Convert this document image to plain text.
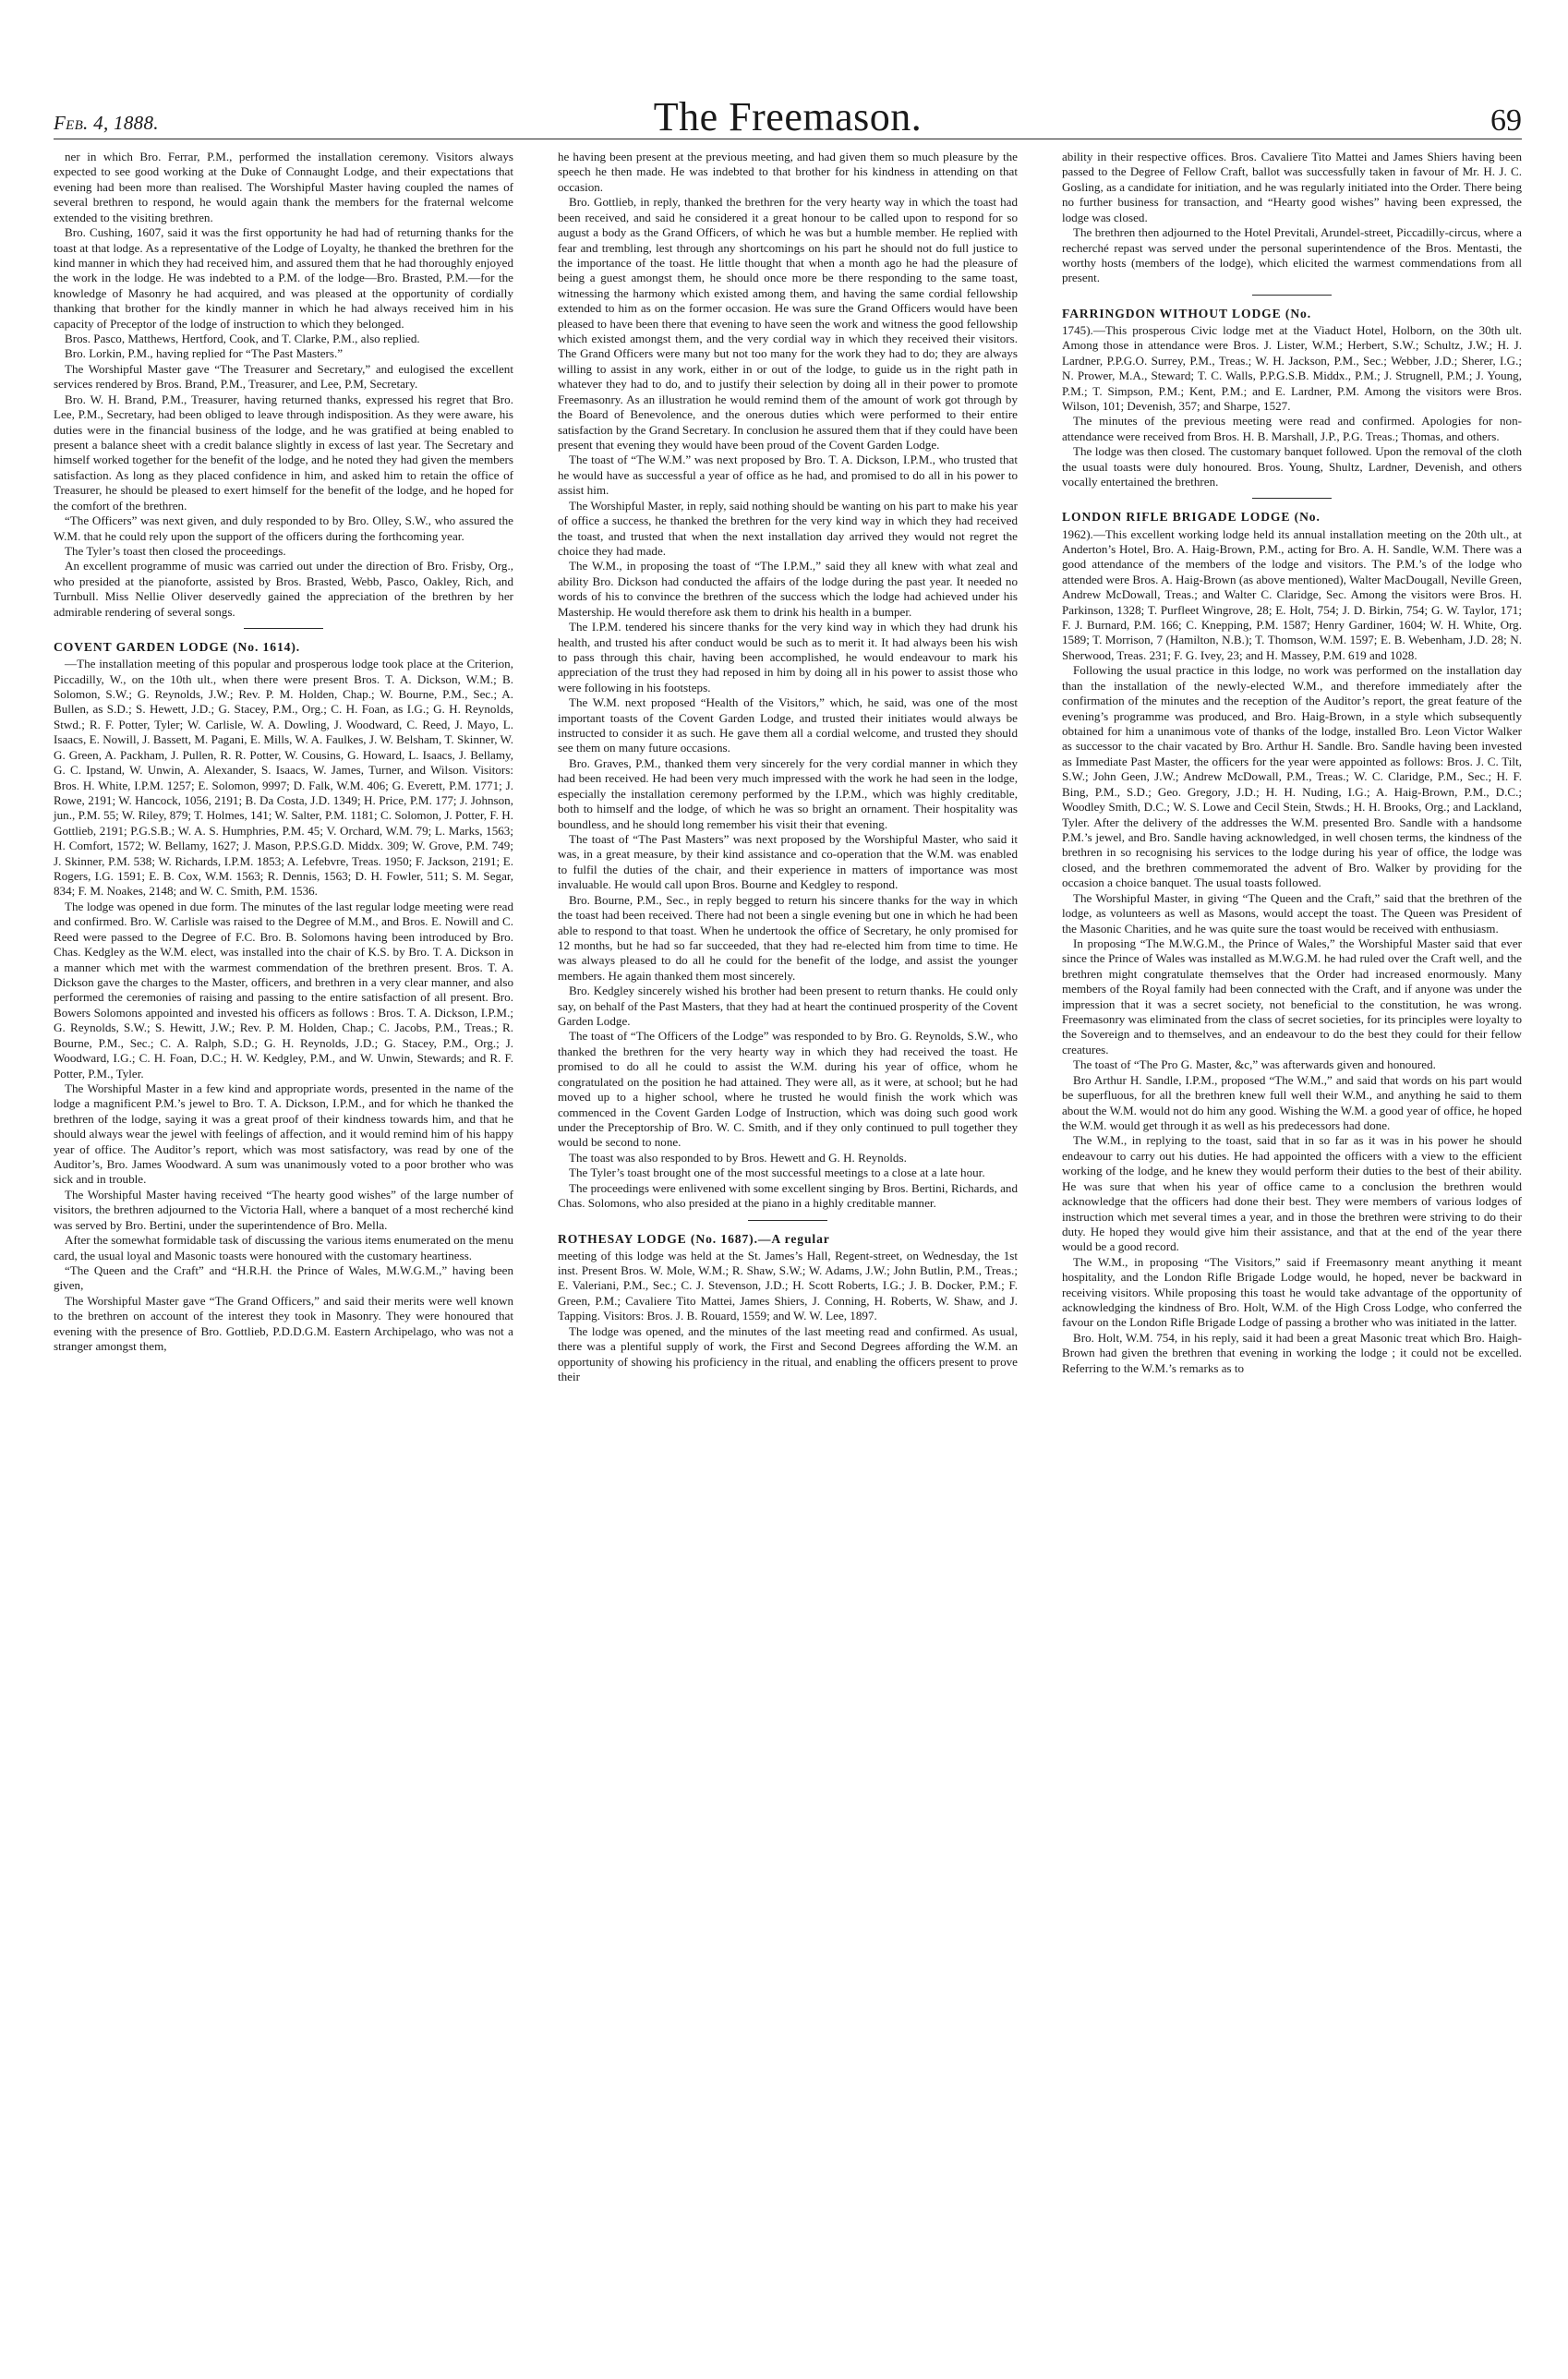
Feb. 4, 1888.	The Freemason.	69

ner in which Bro. Ferrar, P.M., performed the installation ceremony. Visitors always expected to see good working at the Duke of Connaught Lodge, and their expectations that evening had been more than realised. The Worshipful Master having coupled the names of several brethren to respond, he would again thank the members for the fraternal welcome extended to the visiting brethren.

Bro. Cushing, 1607, said it was the first opportunity he had had of returning thanks for the toast at that lodge. As a representative of the Lodge of Loyalty, he thanked the brethren for the kind manner in which they had received him, and assured them that he had thoroughly enjoyed the work in the lodge. He was indebted to a P.M. of the lodge—Bro. Brasted, P.M.—for the knowledge of Masonry he had acquired, and was pleased at the opportunity of cordially thanking that brother for the kindly manner in which he had always received him in his capacity of Preceptor of the lodge of instruction to which they belonged.

Bros. Pasco, Matthews, Hertford, Cook, and T. Clarke, P.M., also replied.

Bro. Lorkin, P.M., having replied for “The Past Masters.”

The Worshipful Master gave “The Treasurer and Secretary,” and eulogised the excellent services rendered by Bros. Brand, P.M., Treasurer, and Lee, P.M, Secretary.

Bro. W. H. Brand, P.M., Treasurer, having returned thanks, expressed his regret that Bro. Lee, P.M., Secretary, had been obliged to leave through indisposition. As they were aware, his duties were in the financial business of the lodge, and he was gratified at being enabled to present a balance sheet with a credit balance slightly in excess of last year. The Secretary and himself worked together for the benefit of the lodge, and he noted they had given the members satisfaction. As long as they placed confidence in him, and asked him to retain the office of Treasurer, he should be pleased to exert himself for the benefit of the lodge, and he hoped for the comfort of the brethren.

“The Officers” was next given, and duly responded to by Bro. Olley, S.W., who assured the W.M. that he could rely upon the support of the officers during the forthcoming year.

The Tyler’s toast then closed the proceedings.

An excellent programme of music was carried out under the direction of Bro. Frisby, Org., who presided at the pianoforte, assisted by Bros. Brasted, Webb, Pasco, Oakley, Rich, and Turnbull. Miss Nellie Oliver deservedly gained the appreciation of the brethren by her admirable rendering of several songs.

COVENT GARDEN LODGE (No. 1614).

—The installation meeting of this popular and prosperous lodge took place at the Criterion, Piccadilly, W., on the 10th ult., when there were present Bros. T. A. Dickson, W.M.; B. Solomon, S.W.; G. Reynolds, J.W.; Rev. P. M. Holden, Chap.; W. Bourne, P.M., Sec.; A. Bullen, as S.D.; S. Hewett, J.D.; G. Stacey, P.M., Org.; C. H. Foan, as I.G.; G. H. Reynolds, Stwd.; R. F. Potter, Tyler; W. Carlisle, W. A. Dowling, J. Woodward, C. Reed, J. Mayo, L. Isaacs, E. Nowill, J. Bassett, M. Pagani, E. Mills, W. A. Faulkes, J. W. Belsham, T. Skinner, W. G. Green, A. Packham, J. Pullen, R. R. Potter, W. Cousins, G. Howard, L. Isaacs, J. Bellamy, G. C. Ipstand, W. Unwin, A. Alexander, S. Isaacs, W. James, Turner, and Wilson. Visitors: Bros. H. White, I.P.M. 1257; E. Solomon, 9997; D. Falk, W.M. 406; G. Everett, P.M. 1771; J. Rowe, 2191; W. Hancock, 1056, 2191; B. Da Costa, J.D. 1349; H. Price, P.M. 177; J. Johnson, jun., P.M. 55; W. Riley, 879; T. Holmes, 141; W. Salter, P.M. 1181; C. Solomon, J. Potter, F. H. Gottlieb, 2191; P.G.S.B.; W. A. S. Humphries, P.M. 45; V. Orchard, W.M. 79; L. Marks, 1563; H. Comfort, 1572; W. Bellamy, 1627; J. Mason, P.P.S.G.D. Middx. 309; W. Grove, P.M. 749; J. Skinner, P.M. 538; W. Richards, I.P.M. 1853; A. Lefebvre, Treas. 1950; F. Jackson, 2191; E. Rogers, I.G. 1591; E. B. Cox, W.M. 1563; R. Dennis, 1563; D. H. Fowler, 511; S. M. Segar, 834; F. M. Noakes, 2148; and W. C. Smith, P.M. 1536.

The lodge was opened in due form. The minutes of the last regular lodge meeting were read and confirmed. Bro. W. Carlisle was raised to the Degree of M.M., and Bros. E. Nowill and C. Reed were passed to the Degree of F.C. Bro. B. Solomons having been introduced by Bro. Chas. Kedgley as the W.M. elect, was installed into the chair of K.S. by Bro. T. A. Dickson in a manner which met with the warmest commendation of the brethren present. Bros. T. A. Dickson gave the charges to the Master, officers, and brethren in a very clear manner, and also performed the ceremonies of raising and passing to the entire satisfaction of all present. Bro. Bowers Solomons appointed and invested his officers as follows : Bros. T. A. Dickson, I.P.M.; G. Reynolds, S.W.; S. Hewitt, J.W.; Rev. P. M. Holden, Chap.; C. Jacobs, P.M., Treas.; R. Bourne, P.M., Sec.; C. A. Ralph, S.D.; G. H. Reynolds, J.D.; G. Stacey, P.M., Org.; J. Woodward, I.G.; C. H. Foan, D.C.; H. W. Kedgley, P.M., and W. Unwin, Stewards; and R. F. Potter, P.M., Tyler.

The Worshipful Master in a few kind and appropriate words, presented in the name of the lodge a magnificent P.M.’s jewel to Bro. T. A. Dickson, I.P.M., and for which he thanked the brethren of the lodge, saying it was a great proof of their kindness towards him, and that he should always wear the jewel with feelings of affection, and it would remind him of his happy year of office. The Auditor’s report, which was most satisfactory, was read by one of the Auditor’s, Bro. James Woodward. A sum was unanimously voted to a poor brother who was sick and in trouble.

The Worshipful Master having received “The hearty good wishes” of the large number of visitors, the brethren adjourned to the Victoria Hall, where a banquet of a most recherché kind was served by Bro. Bertini, under the superintendence of Bro. Mella.

After the somewhat formidable task of discussing the various items enumerated on the menu card, the usual loyal and Masonic toasts were honoured with the customary heartiness.

“The Queen and the Craft” and “H.R.H. the Prince of Wales, M.W.G.M.,” having been given,

The Worshipful Master gave “The Grand Officers,” and said their merits were well known to the brethren on account of the interest they took in Masonry. They were honoured that evening with the presence of Bro. Gottlieb, P.D.D.G.M. Eastern Archipelago, who was not a stranger amongst them,

he having been present at the previous meeting, and had given them so much pleasure by the speech he then made. He was indebted to that brother for his kindness in attending on that occasion.

Bro. Gottlieb, in reply, thanked the brethren for the very hearty way in which the toast had been received, and said he considered it a great honour to be called upon to respond for so august a body as the Grand Officers, of which he was but a humble member. He replied with fear and trembling, lest through any shortcomings on his part he should not do full justice to the importance of the toast. He little thought that when a month ago he had the pleasure of being a guest amongst them, he should once more be there responding to the same toast, witnessing the harmony which existed among them, and having the same cordial fellowship extended to him as on the former occasion. He was sure the Grand Officers would have been pleased to have been there that evening to have seen the work and witness the good fellowship which existed amongst them, and the very cordial way in which they received their visitors. The Grand Officers were many but not too many for the work they had to do; they are always willing to assist in any work, either in or out of the lodge, to guide us in the right path in whatever they had to do, and to justify their selection by doing all in their power to promote Freemasonry. As an illustration he would remind them of the amount of work got through by the Board of Benevolence, and the onerous duties which were performed to their entire satisfaction by the Grand Secretary. In conclusion he assured them that if they could have been present that evening they would have been proud of the Covent Garden Lodge.

The toast of “The W.M.” was next proposed by Bro. T. A. Dickson, I.P.M., who trusted that he would have as successful a year of office as he had, and promised to do all in his power to assist him.

The Worshipful Master, in reply, said nothing should be wanting on his part to make his year of office a success, he thanked the brethren for the very kind way in which they had received the toast, and trusted that when the next installation day arrived they would not regret the choice they had made.

The W.M., in proposing the toast of “The I.P.M.,” said they all knew with what zeal and ability Bro. Dickson had conducted the affairs of the lodge during the past year. It needed no words of his to convince the brethren of the success which the lodge had achieved under his Mastership. He would therefore ask them to drink his health in a bumper.

The I.P.M. tendered his sincere thanks for the very kind way in which they had drunk his health, and trusted his after conduct would be such as to merit it. It had always been his wish to pass through this chair, having been accomplished, he would endeavour to mark his appreciation of the trust they had reposed in him by doing all in his power to assist those who were following in his footsteps.

The W.M. next proposed “Health of the Visitors,” which, he said, was one of the most important toasts of the Covent Garden Lodge, and trusted their initiates would always be instructed to consider it as such. He gave them all a cordial welcome, and trusted they should see them on many future occasions.

Bro. Graves, P.M., thanked them very sincerely for the very cordial manner in which they had been received. He had been very much impressed with the work he had seen in the lodge, especially the installation ceremony performed by the I.P.M., which was highly creditable, both to himself and the lodge, of which he was so bright an ornament. Their hospitality was boundless, and he should long remember his visit their that evening.

The toast of “The Past Masters” was next proposed by the Worshipful Master, who said it was, in a great measure, by their kind assistance and co-operation that the W.M. was enabled to fulfil the duties of the chair, and their experience in matters of importance was most invaluable. He would call upon Bros. Bourne and Kedgley to respond.

Bro. Bourne, P.M., Sec., in reply begged to return his sincere thanks for the way in which the toast had been received. There had not been a single evening but one in which he had been able to respond to that toast. When he undertook the office of Secretary, he only promised for 12 months, but he had so far succeeded, that they had re-elected him from time to time. He was always pleased to do all he could for the benefit of the lodge, and assist the younger members. He again thanked them most sincerely.

Bro. Kedgley sincerely wished his brother had been present to return thanks. He could only say, on behalf of the Past Masters, that they had at heart the continued prosperity of the Covent Garden Lodge.

The toast of “The Officers of the Lodge” was responded to by Bro. G. Reynolds, S.W., who thanked the brethren for the very hearty way in which they had received the toast. He promised to do all he could to assist the W.M. during his year of office, whom he congratulated on the position he had attained. They were all, as it were, at school; but he had moved up to a higher school, where he trusted he would finish the work which was commenced in the Covent Garden Lodge of Instruction, which was doing such good work under the Preceptorship of Bro. W. C. Smith, and if they only continued to pull together they would be second to none.

The toast was also responded to by Bros. Hewett and G. H. Reynolds.

The Tyler’s toast brought one of the most successful meetings to a close at a late hour.

The proceedings were enlivened with some excellent singing by Bros. Bertini, Richards, and Chas. Solomons, who also presided at the piano in a highly creditable manner.

ROTHESAY LODGE (No. 1687).—A regular

meeting of this lodge was held at the St. James’s Hall, Regent-street, on Wednesday, the 1st inst. Present Bros. W. Mole, W.M.; R. Shaw, S.W.; W. Adams, J.W.; John Butlin, P.M., Treas.; E. Valeriani, P.M., Sec.; C. J. Stevenson, J.D.; H. Scott Roberts, I.G.; J. B. Docker, P.M.; F. Green, P.M.; Cavaliere Tito Mattei, James Shiers, J. Conning, H. Roberts, W. Shaw, and J. Tapping. Visitors: Bros. J. B. Rouard, 1559; and W. W. Lee, 1897.

The lodge was opened, and the minutes of the last meeting read and confirmed. As usual, there was a plentiful supply of work, the First and Second Degrees affording the W.M. an opportunity of showing his proficiency in the ritual, and enabling the officers present to prove their

ability in their respective offices. Bros. Cavaliere Tito Mattei and James Shiers having been passed to the Degree of Fellow Craft, ballot was successfully taken in favour of Mr. H. J. C. Gosling, as a candidate for initiation, and he was regularly initiated into the Order. There being no further business for transaction, and “Hearty good wishes” having been expressed, the lodge was closed.

The brethren then adjourned to the Hotel Previtali, Arundel-street, Piccadilly-circus, where a recherché repast was served under the personal superintendence of the Bros. Mentasti, the worthy hosts (members of the lodge), which elicited the warmest commendations from all present.

FARRINGDON WITHOUT LODGE (No.

1745).—This prosperous Civic lodge met at the Viaduct Hotel, Holborn, on the 30th ult. Among those in attendance were Bros. J. Lister, W.M.; Herbert, S.W.; Schultz, J.W.; H. J. Lardner, P.P.G.O. Surrey, P.M., Treas.; W. H. Jackson, P.M., Sec.; Webber, J.D.; Sherer, I.G.; N. Prower, M.A., Steward; T. C. Walls, P.P.G.S.B. Middx., P.M.; J. Strugnell, P.M.; J. Young, P.M.; T. Simpson, P.M.; Kent, P.M.; and E. Lardner, P.M. Among the visitors were Bros. Wilson, 101; Devenish, 357; and Sharpe, 1527.

The minutes of the previous meeting were read and confirmed. Apologies for non-attendance were received from Bros. H. B. Marshall, J.P., P.G. Treas.; Thomas, and others.

The lodge was then closed. The customary banquet followed. Upon the removal of the cloth the usual toasts were duly honoured. Bros. Young, Shultz, Lardner, Devenish, and others vocally entertained the brethren.

LONDON RIFLE BRIGADE LODGE (No.

1962).—This excellent working lodge held its annual installation meeting on the 20th ult., at Anderton’s Hotel, Bro. A. Haig-Brown, P.M., acting for Bro. A. H. Sandle, W.M. There was a good attendance of the members of the lodge and visitors. The P.M.’s of the lodge who attended were Bros. A. Haig-Brown (as above mentioned), Walter MacDougall, Neville Green, Andrew McDowall, Treas.; and Walter C. Claridge, Sec. Among the visitors were Bros. H. Parkinson, 1328; T. Purfleet Wingrove, 28; E. Holt, 754; J. D. Birkin, 754; G. W. Taylor, 171; F. J. Burnard, P.M. 166; C. Knepping, P.M. 1587; Henry Gardiner, 1604; W. H. White, Org. 1589; T. Morrison, 7 (Hamilton, N.B.); T. Thomson, W.M. 1597; E. B. Webenham, J.D. 28; N. Sherwood, Treas. 231; F. G. Ivey, 23; and H. Massey, P.M. 619 and 1028.

Following the usual practice in this lodge, no work was performed on the installation day than the installation of the newly-elected W.M., and therefore immediately after the confirmation of the minutes and the reception of the Auditor’s report, the great feature of the evening’s programme was produced, and Bro. Haig-Brown, in a style which subsequently obtained for him a unanimous vote of thanks of the lodge, installed Bro. Leon Victor Walker as successor to the chair vacated by Bro. Arthur H. Sandle. Bro. Sandle having been invested as Immediate Past Master, the officers for the year were appointed as follows: Bros. J. C. Tilt, S.W.; John Geen, J.W.; Andrew McDowall, P.M., Treas.; W. C. Claridge, P.M., Sec.; H. F. Bing, P.M., S.D.; Geo. Gregory, J.D.; H. H. Nuding, I.G.; A. Haig-Brown, P.M., D.C.; Woodley Smith, D.C.; W. S. Lowe and Cecil Stein, Stwds.; H. H. Brooks, Org.; and Lackland, Tyler. After the delivery of the addresses the W.M. presented Bro. Sandle with a handsome P.M.’s jewel, and Bro. Sandle having acknowledged, in well chosen terms, the kindness of the brethren in so recognising his services to the lodge during his year of office, the lodge was closed, and the brethren commemorated the advent of Bro. Walker by providing for the occasion a choice banquet. The usual toasts followed.

The Worshipful Master, in giving “The Queen and the Craft,” said that the brethren of the lodge, as volunteers as well as Masons, would accept the toast. The Queen was President of the Masonic Charities, and he was quite sure the toast would be received with enthusiasm.

In proposing “The M.W.G.M., the Prince of Wales,” the Worshipful Master said that ever since the Prince of Wales was installed as M.W.G.M. he had ruled over the Craft well, and the brethren might congratulate themselves that the Order had increased enormously. Many members of the Royal family had been connected with the Craft, and if anyone was under the impression that it was a secret society, not beneficial to the constitution, he was wrong. Freemasonry was eliminated from the class of secret societies, for its principles were loyalty to the Sovereign and to themselves, and an endeavour to do the best they could for their fellow creatures.

The toast of “The Pro G. Master, &c,” was afterwards given and honoured.

Bro Arthur H. Sandle, I.P.M., proposed “The W.M.,” and said that words on his part would be superfluous, for all the brethren knew full well their W.M., and anything he said to them about the W.M. would not do him any good. Wishing the W.M. a good year of office, he hoped the W.M. would get through it as well as his predecessors had done.

The W.M., in replying to the toast, said that in so far as it was in his power he should endeavour to carry out his duties. He had appointed the officers with a view to the efficient working of the lodge, and he knew they would perform their duties to the best of their ability. He was sure that when his year of office came to a conclusion the brethren would acknowledge that the officers had done their best. They were members of various lodges of instruction which met several times a year, and in those the brethren were striving to do their duty. He hoped they would give him their assistance, and that at the end of the year there would be a good record.

The W.M., in proposing “The Visitors,” said if Freemasonry meant anything it meant hospitality, and the London Rifle Brigade Lodge would, he hoped, never be backward in receiving visitors. While proposing this toast he would take advantage of the opportunity of acknowledging the kindness of Bro. Holt, W.M. of the High Cross Lodge, who conferred the favour on the London Rifle Brigade Lodge of passing a brother who was initiated in the latter.

Bro. Holt, W.M. 754, in his reply, said it had been a great Masonic treat which Bro. Haigh-Brown had given the brethren that evening in working the lodge ; it could not be excelled. Referring to the W.M.’s remarks as to
